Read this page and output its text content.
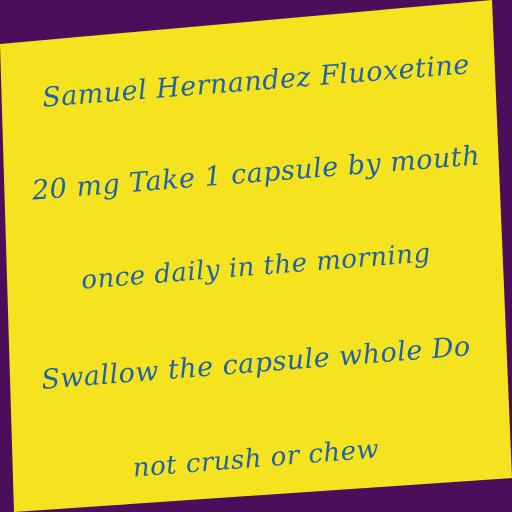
Samuel Hernandez Fluoxetine
20 mg Take 1 capsule by mouth
once daily in the morning
Swallow the capsule whole Do
not crush or chew
